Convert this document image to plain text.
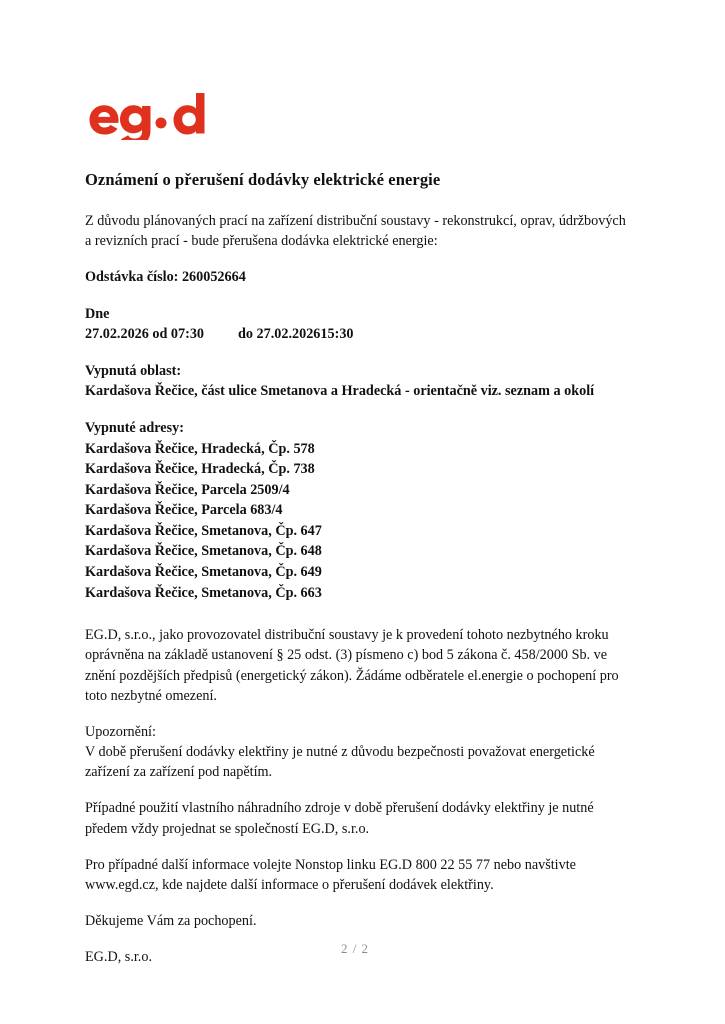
Oznámení o přerušení dodávky elektrické energie

Z důvodu plánovaných prací na zařízení distribuční soustavy - rekonstrukcí, oprav, údržbových a revizních prací - bude přerušena dodávka elektrické energie:

Odstávka číslo: 260052664
Dne
27.02.2026 od 07:30 do 27.02.202615:30
Vypnutá oblast:
Kardašova Řečice, část ulice Smetanova a Hradecká - orientačně viz. seznam a okolí
Vypnuté adresy:
Kardašova Řečice, Hradecká, Čp. 578
Kardašova Řečice, Hradecká, Čp. 738
Kardašova Řečice, Parcela 2509/4
Kardašova Řečice, Parcela 683/4
Kardašova Řečice, Smetanova, Čp. 647
Kardašova Řečice, Smetanova, Čp. 648
Kardašova Řečice, Smetanova, Čp. 649
Kardašova Řečice, Smetanova, Čp. 663

EG.D, s.r.o., jako provozovatel distribuční soustavy je k provedení tohoto nezbytného kroku oprávněna na základě ustanovení § 25 odst. (3) písmeno c) bod 5 zákona č. 458/2000 Sb. ve znění pozdějších předpisů (energetický zákon). Žádáme odběratele el.energie o pochopení pro toto nezbytné omezení.

Upozornění:

V době přerušení dodávky elektřiny je nutné z důvodu bezpečnosti považovat energetické zařízení za zařízení pod napětím.

Případné použití vlastního náhradního zdroje v době přerušení dodávky elektřiny je nutné předem vždy projednat se společností EG.D, s.r.o.

Pro případné další informace volejte Nonstop linku EG.D 800 22 55 77 nebo navštivte www.egd.cz, kde najdete další informace o přerušení dodávek elektřiny.

Děkujeme Vám za pochopení.

EG.D, s.r.o.

2 / 2
